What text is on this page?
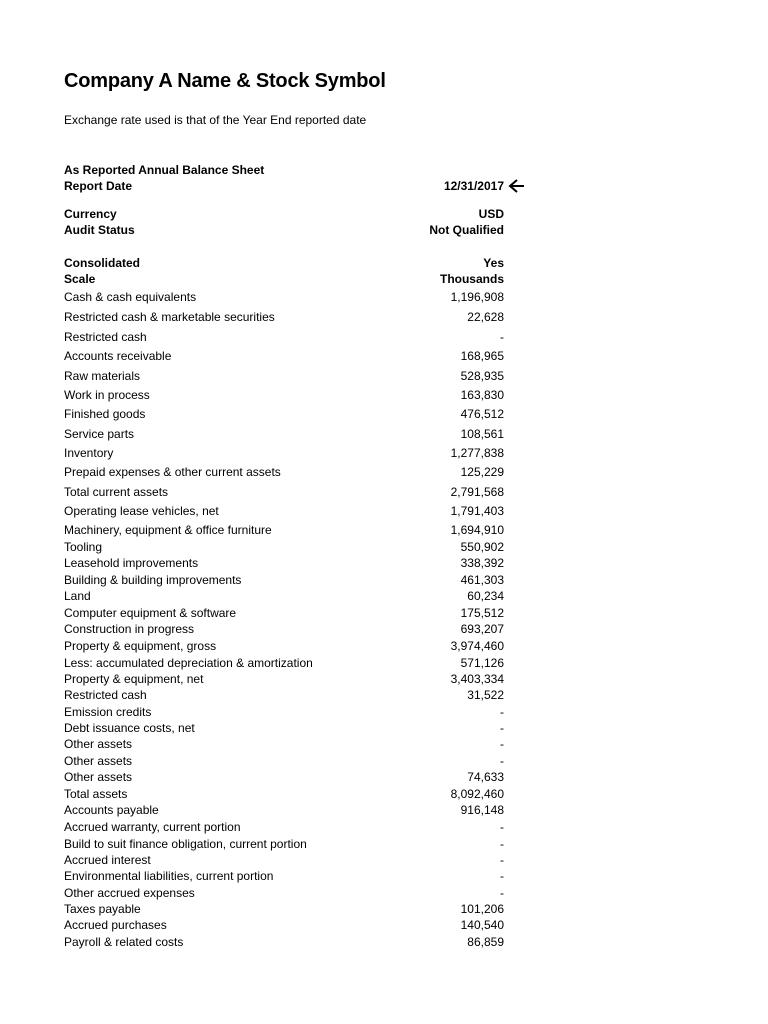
Company A Name & Stock Symbol
Exchange rate used is that of the Year End reported date
As Reported Annual Balance Sheet
Report Date	12/31/2017
Currency	USD
Audit Status	Not Qualified
Consolidated	Yes
Scale	Thousands
Cash & cash equivalents	1,196,908
Restricted cash & marketable securities	22,628
Restricted cash	-
Accounts receivable	168,965
Raw materials	528,935
Work in process	163,830
Finished goods	476,512
Service parts	108,561
Inventory	1,277,838
Prepaid expenses & other current assets	125,229
Total current assets	2,791,568
Operating lease vehicles, net	1,791,403
Machinery, equipment & office furniture	1,694,910
Tooling	550,902
Leasehold improvements	338,392
Building & building improvements	461,303
Land	60,234
Computer equipment & software	175,512
Construction in progress	693,207
Property & equipment, gross	3,974,460
Less: accumulated depreciation & amortization	571,126
Property & equipment, net	3,403,334
Restricted cash	31,522
Emission credits	-
Debt issuance costs, net	-
Other assets	-
Other assets	-
Other assets	74,633
Total assets	8,092,460
Accounts payable	916,148
Accrued warranty, current portion	-
Build to suit finance obligation, current portion	-
Accrued interest	-
Environmental liabilities, current portion	-
Other accrued expenses	-
Taxes payable	101,206
Accrued purchases	140,540
Payroll & related costs	86,859
